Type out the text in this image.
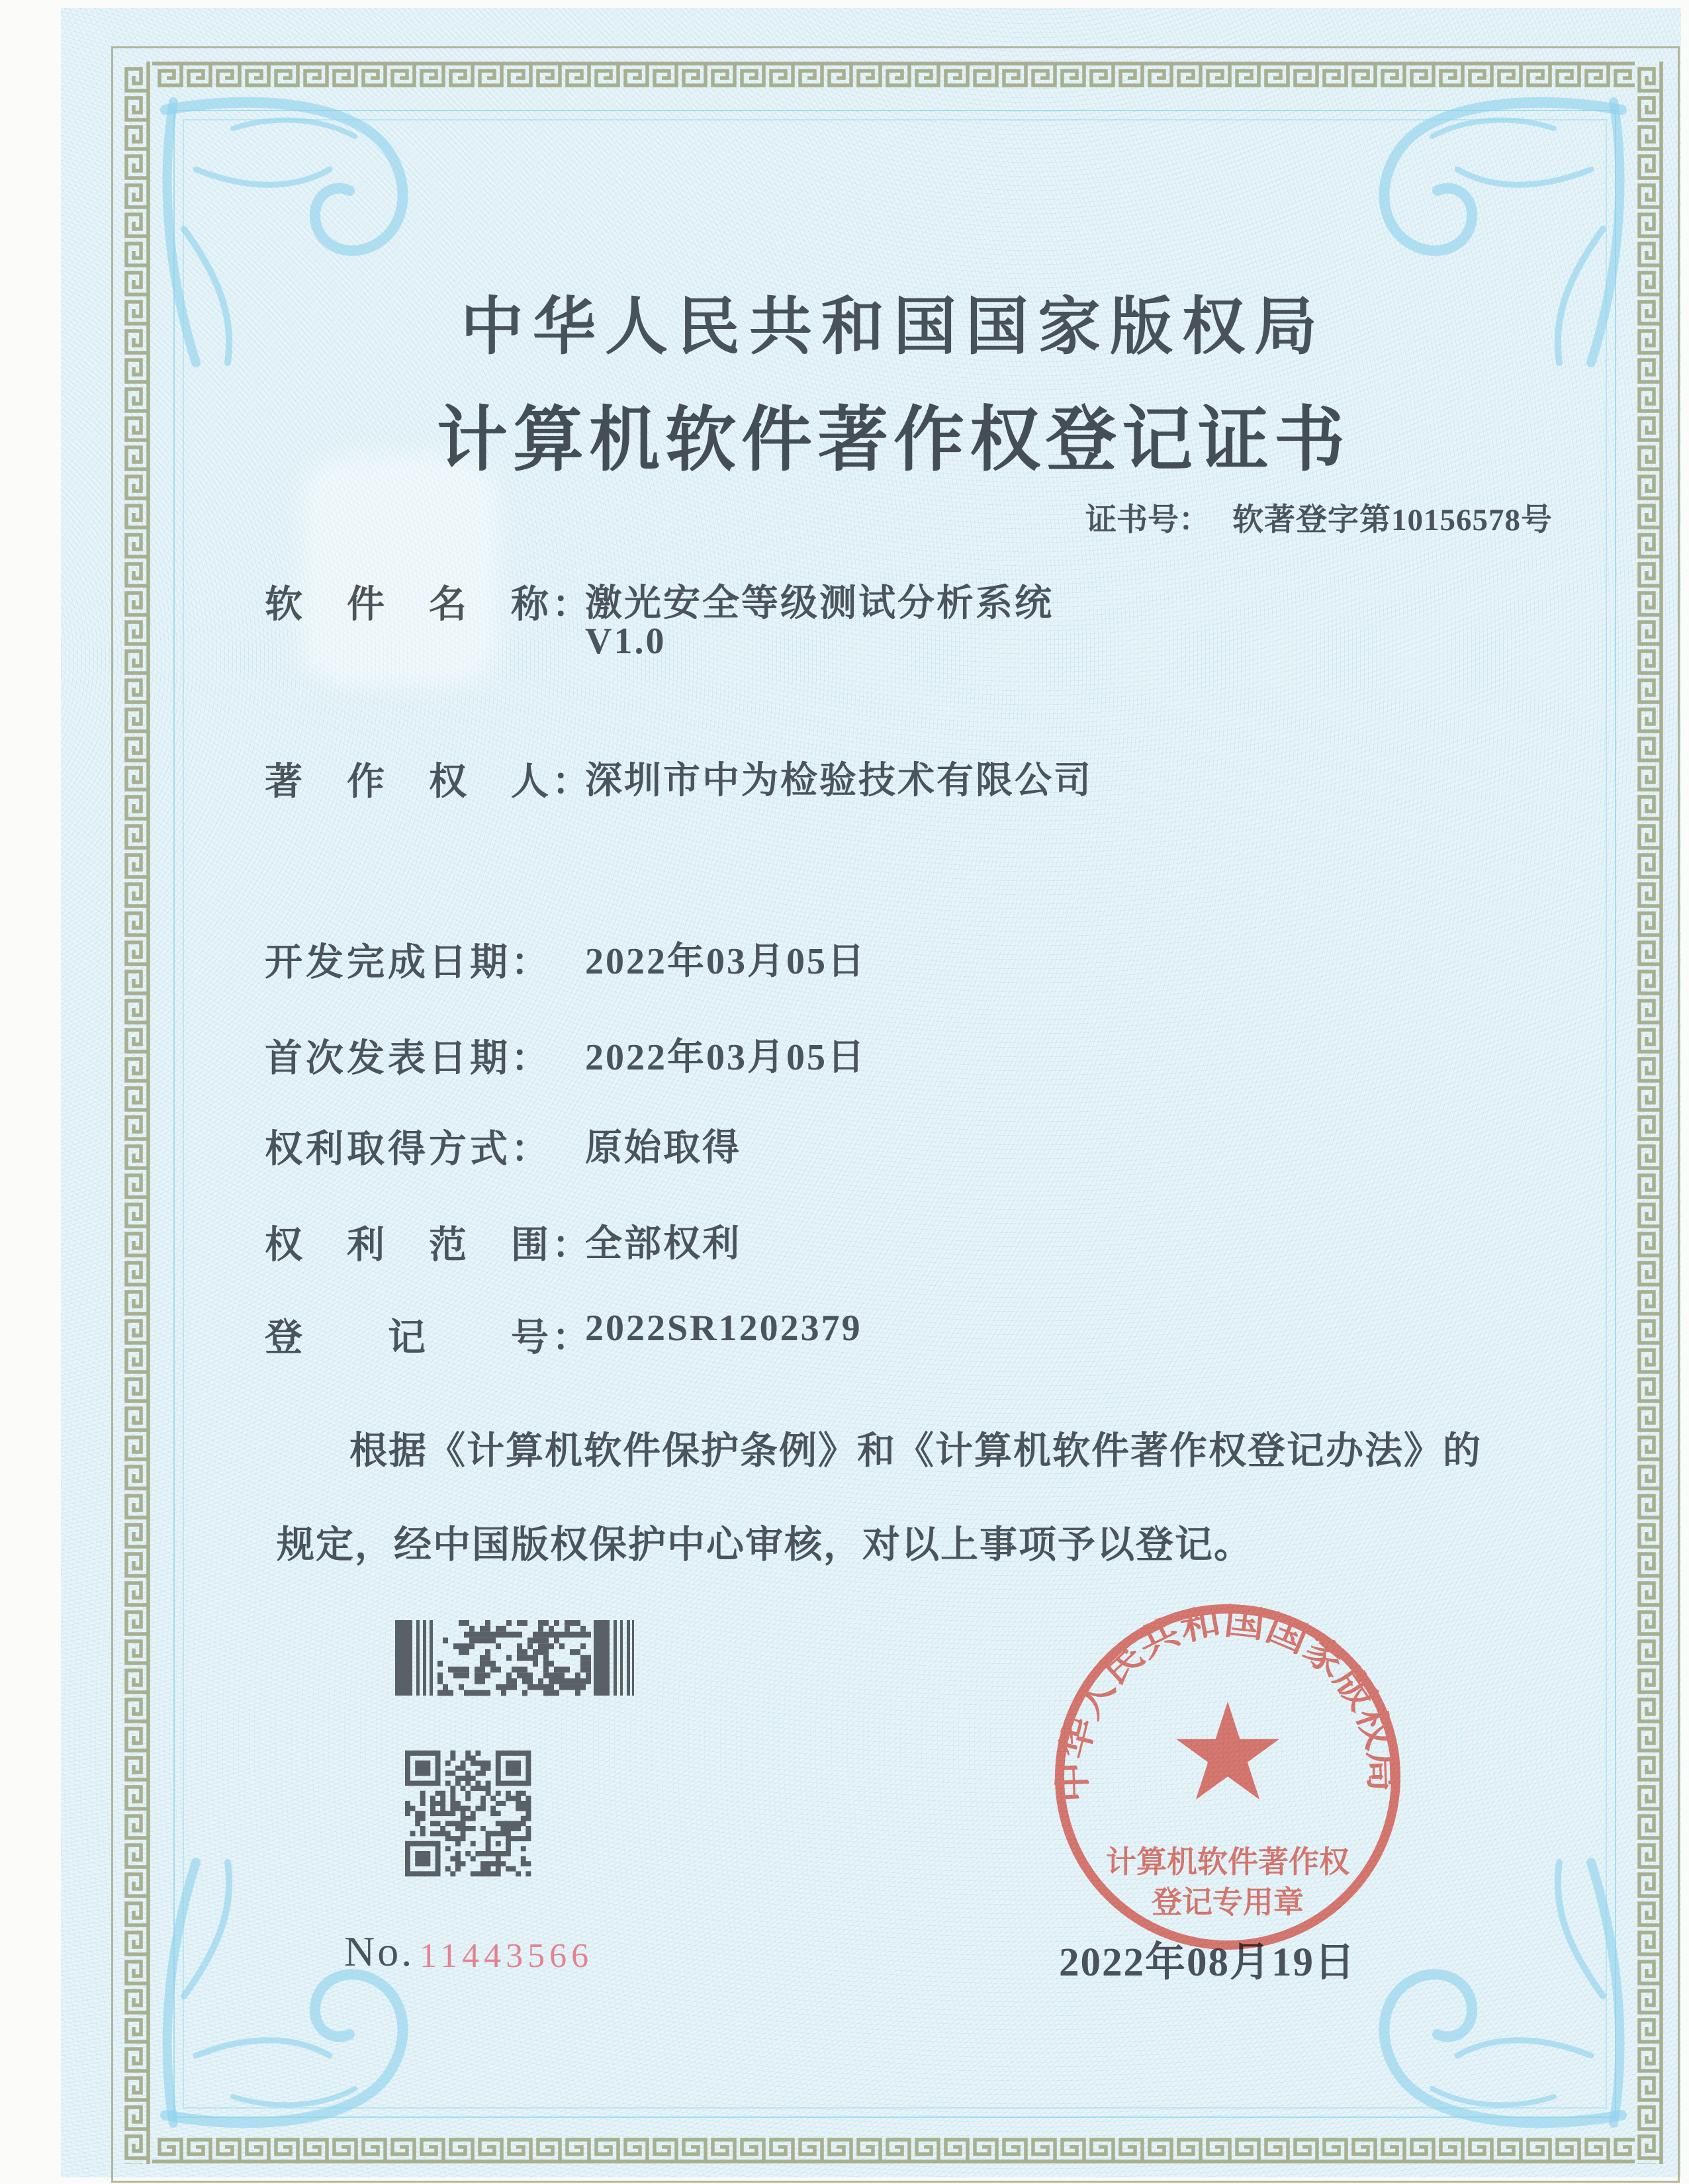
中华人民共和国国家版权局
计算机软件著作权登记证书
证书号： 软著登字第10156578号
软　件　名　称：
激光安全等级测试分析系统
V1.0
著　作　权　人：
深圳市中为检验技术有限公司
开发完成日期： 2022年03月05日
首次发表日期： 2022年03月05日
权利取得方式： 原始取得
权　利　范　围：
全部权利
登　　记　　号：
2022SR1202379
根据《计算机软件保护条例》和《计算机软件著作权登记办法》的
规定，经中国版权保护中心审核，对以上事项予以登记。
No. 11443566	2022年08月19日
中华人民共和国国家版权局
计算机软件著作权
登记专用章
